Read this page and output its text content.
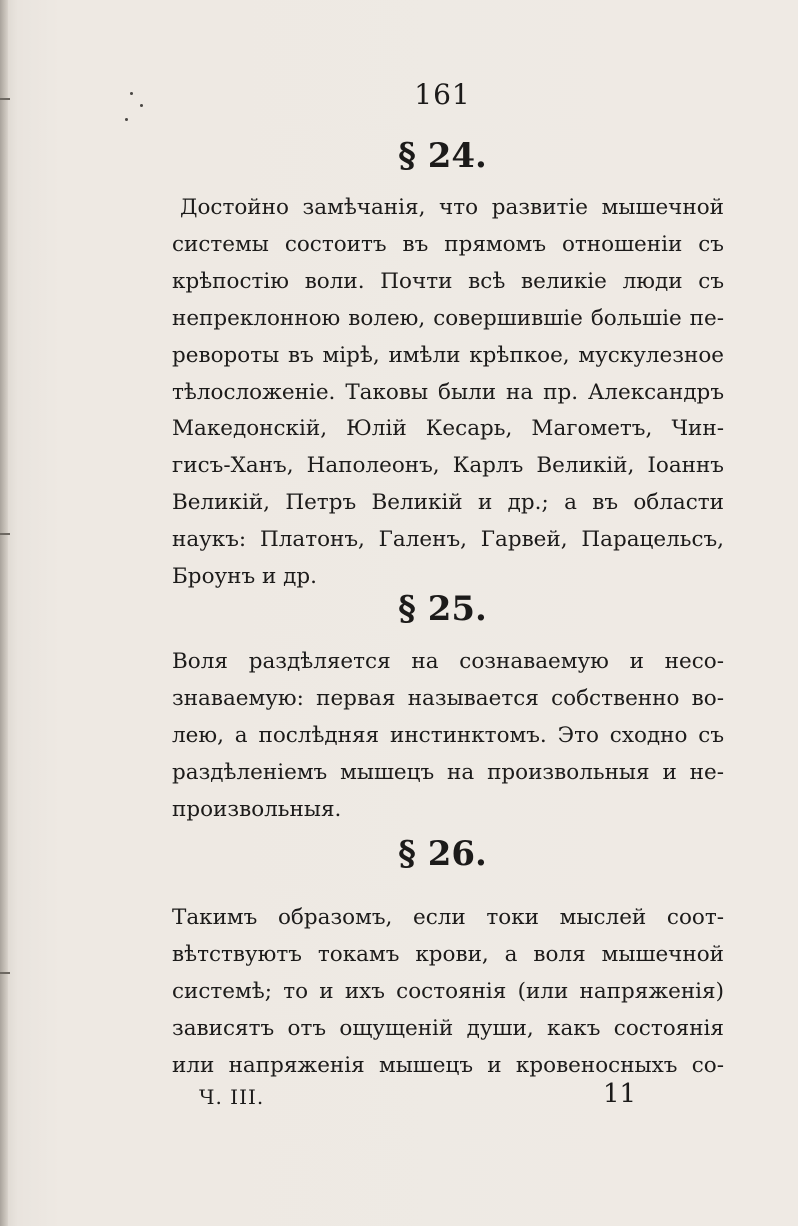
161
§ 24.
Достойно замѣчанія, что развитіе мышечной
системы состоитъ въ прямомъ отношеніи съ
крѣпостію воли. Почти всѣ великіе люди съ
непреклонною волею, совершившіе большіе пе-
ревороты въ мірѣ, имѣли крѣпкое, мускулезное
тѣлосложеніе. Таковы были на пр. Александръ
Македонскій, Юлій Кесарь, Магометъ, Чин-
гисъ-Ханъ, Наполеонъ, Карлъ Великій, Іоаннъ
Великій, Петръ Великій и др.; а въ области
наукъ: Платонъ, Галенъ, Гарвей, Парацельсъ,
Броунъ и др.
§ 25.
Воля раздѣляется на сознаваемую и несо-
знаваемую: первая называется собственно во-
лею, а послѣдняя инстинктомъ. Это сходно съ
раздѣленіемъ мышецъ на произвольныя и не-
произвольныя.
§ 26.
Такимъ образомъ, если токи мыслей соот-
вѣтствуютъ токамъ крови, а воля мышечной
системѣ; то и ихъ состоянія (или напряженія)
зависятъ отъ ощущеній души, какъ состоянія
или напряженія мышецъ и кровеносныхъ со-
Ч. III.	11
